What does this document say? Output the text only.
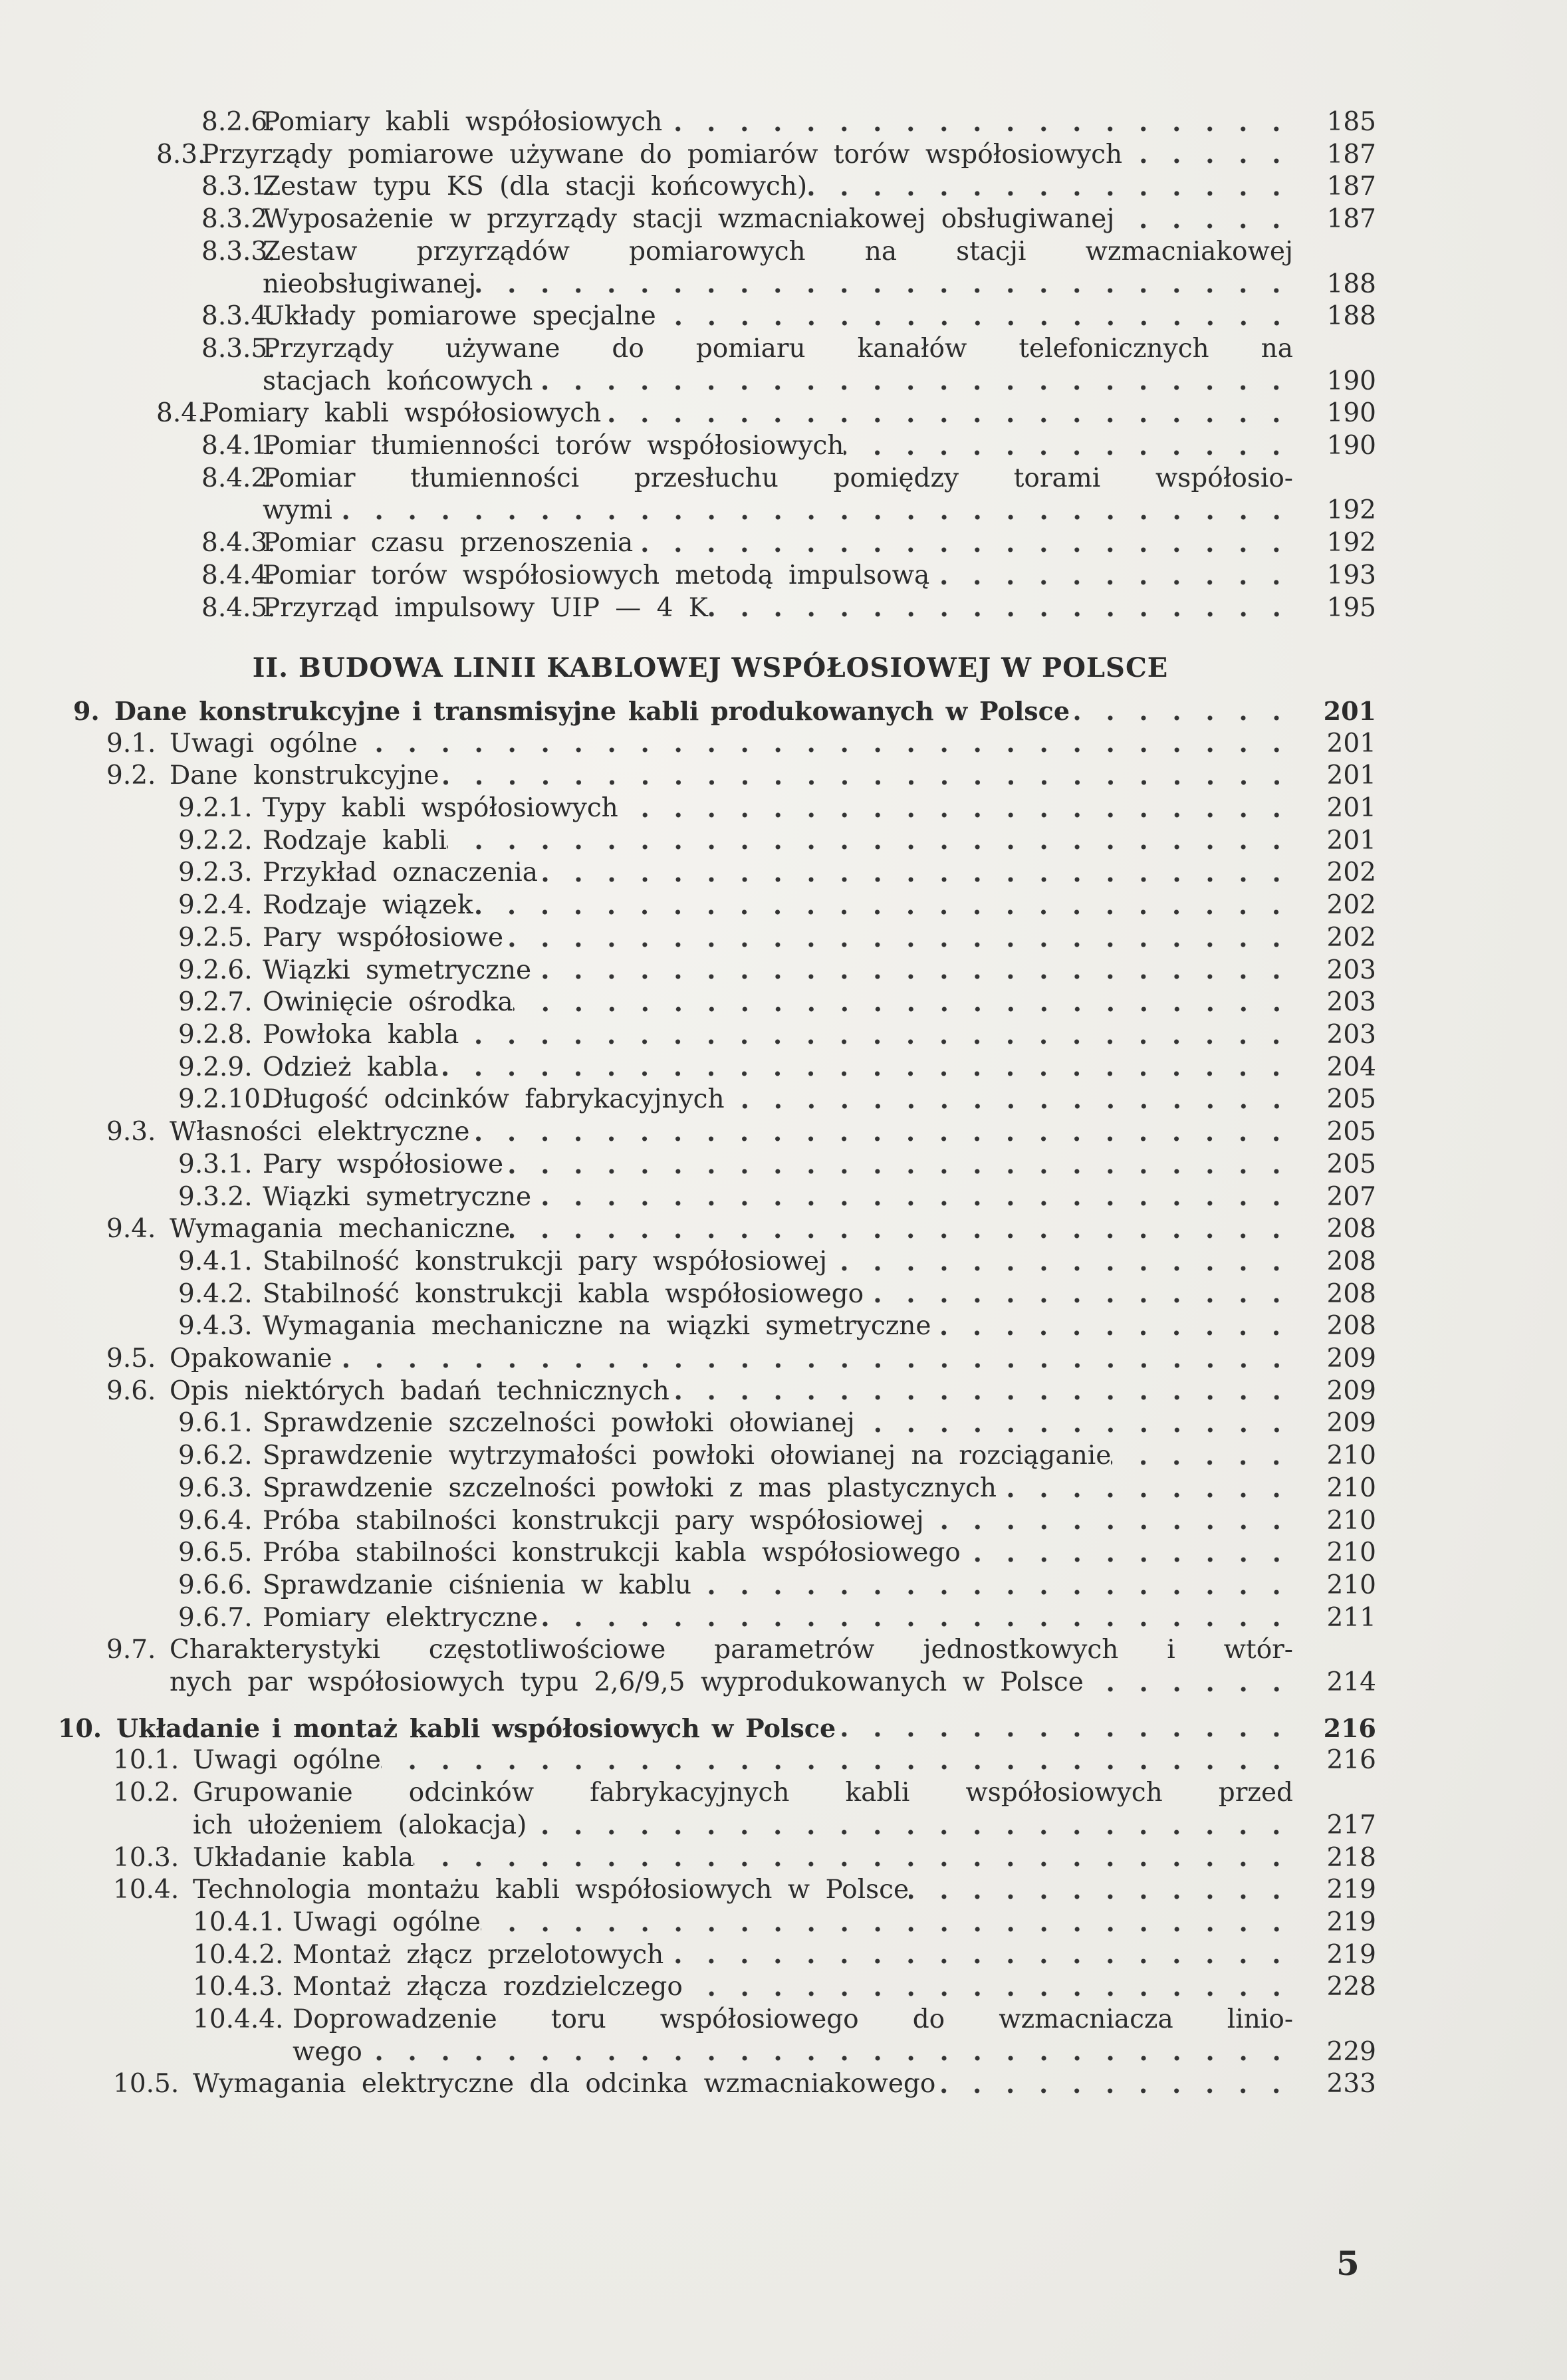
8.2.6.
Pomiary kabli współosiowych	185
8.3.
Przyrządy pomiarowe używane do pomiarów torów współosiowych	187
8.3.1.
Zestaw typu KS (dla stacji końcowych)	187
8.3.2.
Wyposażenie w przyrządy stacji wzmacniakowej obsługiwanej	187
8.3.3.
Zestaw przyrządów pomiarowych na stacji wzmacniakowej
nieobsługiwanej	188
8.3.4.
Układy pomiarowe specjalne	188
8.3.5.
Przyrządy używane do pomiaru kanałów telefonicznych na
stacjach końcowych	190
8.4.
Pomiary kabli współosiowych	190
8.4.1.
Pomiar tłumienności torów współosiowych	190
8.4.2.
Pomiar tłumienności przesłuchu pomiędzy torami współosio-
wymi	192
8.4.3.
Pomiar czasu przenoszenia	192
8.4.4.
Pomiar torów współosiowych metodą impulsową	193
8.4.5.
Przyrząd impulsowy UIP — 4 K	195
II. BUDOWA LINII KABLOWEJ WSPÓŁOSIOWEJ W POLSCE
9. Dane konstrukcyjne i transmisyjne kabli produkowanych w Polsce	201
9.1. Uwagi ogólne	201
9.2. Dane konstrukcyjne	201
9.2.1. Typy kabli współosiowych	201
9.2.2. Rodzaje kabli	201
9.2.3. Przykład oznaczenia	202
9.2.4. Rodzaje wiązek	202
9.2.5. Pary współosiowe	202
9.2.6. Wiązki symetryczne	203
9.2.7. Owinięcie ośrodka	203
9.2.8. Powłoka kabla	203
9.2.9. Odzież kabla	204
9.2.10.
Długość odcinków fabrykacyjnych	205
9.3. Własności elektryczne	205
9.3.1. Pary współosiowe	205
9.3.2. Wiązki symetryczne	207
9.4. Wymagania mechaniczne	208
9.4.1. Stabilność konstrukcji pary współosiowej	208
9.4.2. Stabilność konstrukcji kabla współosiowego	208
9.4.3. Wymagania mechaniczne na wiązki symetryczne	208
9.5. Opakowanie	209
9.6. Opis niektórych badań technicznych	209
9.6.1. Sprawdzenie szczelności powłoki ołowianej	209
9.6.2. Sprawdzenie wytrzymałości powłoki ołowianej na rozciąganie	210
9.6.3. Sprawdzenie szczelności powłoki z mas plastycznych	210
9.6.4. Próba stabilności konstrukcji pary współosiowej	210
9.6.5. Próba stabilności konstrukcji kabla współosiowego	210
9.6.6. Sprawdzanie ciśnienia w kablu	210
9.6.7. Pomiary elektryczne	211
9.7. Charakterystyki częstotliwościowe parametrów jednostkowych i wtór-
nych par współosiowych typu 2,6/9,5 wyprodukowanych w Polsce	214
10. Układanie i montaż kabli współosiowych w Polsce	216
10.1. Uwagi ogólne	216
10.2. Grupowanie odcinków fabrykacyjnych kabli współosiowych przed
ich ułożeniem (alokacja)	217
10.3. Układanie kabla	218
10.4. Technologia montażu kabli współosiowych w Polsce	219
10.4.1. Uwagi ogólne	219
10.4.2. Montaż złącz przelotowych	219
10.4.3. Montaż złącza rozdzielczego	228
10.4.4. Doprowadzenie toru współosiowego do wzmacniacza linio-
wego	229
10.5. Wymagania elektryczne dla odcinka wzmacniakowego	233
5
